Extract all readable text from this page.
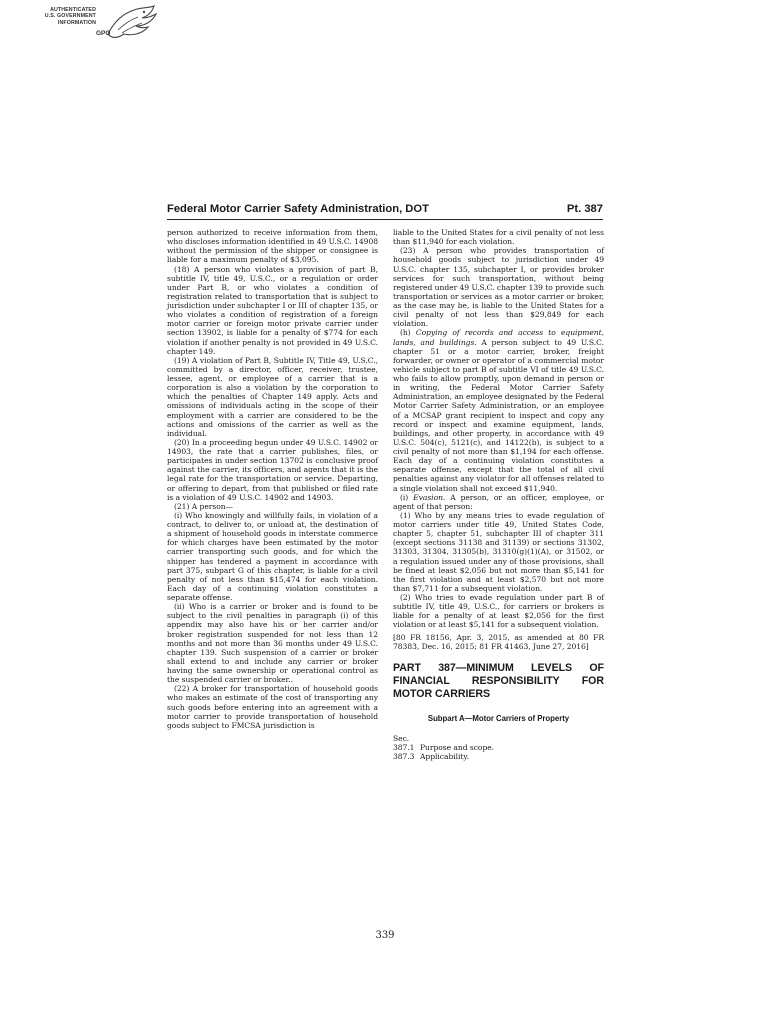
AUTHENTICATED
U.S. GOVERNMENT
INFORMATION
GPO
Federal Motor Carrier Safety Administration, DOT	Pt. 387

person authorized to receive information from them, who discloses information identified in 49 U.S.C. 14908 without the permission of the shipper or consignee is liable for a maximum penalty of $3,095.

(18) A person who violates a provision of part B, subtitle IV, title 49, U.S.C., or a regulation or order under Part B, or who violates a condition of registration related to transportation that is subject to jurisdiction under subchapter I or III of chapter 135, or who violates a condition of registration of a foreign motor carrier or foreign motor private carrier under section 13902, is liable for a penalty of $774 for each violation if another penalty is not provided in 49 U.S.C. chapter 149.

(19) A violation of Part B, Subtitle IV, Title 49, U.S.C., committed by a director, officer, receiver, trustee, lessee, agent, or employee of a carrier that is a corporation is also a violation by the corporation to which the penalties of Chapter 149 apply. Acts and omissions of individuals acting in the scope of their employment with a carrier are considered to be the actions and omissions of the carrier as well as the individual.

(20) In a proceeding begun under 49 U.S.C. 14902 or 14903, the rate that a carrier publishes, files, or participates in under section 13702 is conclusive proof against the carrier, its officers, and agents that it is the legal rate for the transportation or service. Departing, or offering to depart, from that published or filed rate is a violation of 49 U.S.C. 14902 and 14903.

(21) A person—

(i) Who knowingly and willfully fails, in violation of a contract, to deliver to, or unload at, the destination of a shipment of household goods in interstate commerce for which charges have been estimated by the motor carrier transporting such goods, and for which the shipper has tendered a payment in accordance with part 375, subpart G of this chapter, is liable for a civil penalty of not less than $15,474 for each violation. Each day of a continuing violation constitutes a separate offense.

(ii) Who is a carrier or broker and is found to be subject to the civil penalties in paragraph (i) of this appendix may also have his or her carrier and/or broker registration suspended for not less than 12 months and not more than 36 months under 49 U.S.C. chapter 139. Such suspension of a carrier or broker shall extend to and include any carrier or broker having the same ownership or operational control as the suspended carrier or broker..

(22) A broker for transportation of household goods who makes an estimate of the cost of transporting any such goods before entering into an agreement with a motor carrier to provide transportation of household goods subject to FMCSA jurisdiction is

liable to the United States for a civil penalty of not less than $11,940 for each violation.

(23) A person who provides transportation of household goods subject to jurisdiction under 49 U.S.C. chapter 135, subchapter I, or provides broker services for such transportation, without being registered under 49 U.S.C. chapter 139 to provide such transportation or services as a motor carrier or broker, as the case may be, is liable to the United States for a civil penalty of not less than $29,849 for each violation.

(h) Copying of records and access to equipment, lands, and buildings. A person subject to 49 U.S.C. chapter 51 or a motor carrier, broker, freight forwarder, or owner or operator of a commercial motor vehicle subject to part B of subtitle VI of title 49 U.S.C. who fails to allow promptly, upon demand in person or in writing, the Federal Motor Carrier Safety Administration, an employee designated by the Federal Motor Carrier Safety Administration, or an employee of a MCSAP grant recipient to inspect and copy any record or inspect and examine equipment, lands, buildings, and other property, in accordance with 49 U.S.C. 504(c), 5121(c), and 14122(b), is subject to a civil penalty of not more than $1,194 for each offense. Each day of a continuing violation constitutes a separate offense, except that the total of all civil penalties against any violator for all offenses related to a single violation shall not exceed $11,940.

(i) Evasion. A person, or an officer, employee, or agent of that person:

(1) Who by any means tries to evade regulation of motor carriers under title 49, United States Code, chapter 5, chapter 51, subchapter III of chapter 311 (except sections 31138 and 31139) or sections 31302, 31303, 31304, 31305(b), 31310(g)(1)(A), or 31502, or a regulation issued under any of those provisions, shall be fined at least $2,056 but not more than $5,141 for the first violation and at least $2,570 but not more than $7,711 for a subsequent violation.

(2) Who tries to evade regulation under part B of subtitle IV, title 49, U.S.C., for carriers or brokers is liable for a penalty of at least $2,056 for the first violation or at least $5,141 for a subsequent violation.

[80 FR 18156, Apr. 3, 2015, as amended at 80 FR 78383, Dec. 16, 2015; 81 FR 41463, June 27, 2016]

PART 387—MINIMUM LEVELS OF FINANCIAL RESPONSIBILITY FOR MOTOR CARRIERS
Subpart A—Motor Carriers of Property

Sec.

387.1 Purpose and scope.

387.3 Applicability.

339
